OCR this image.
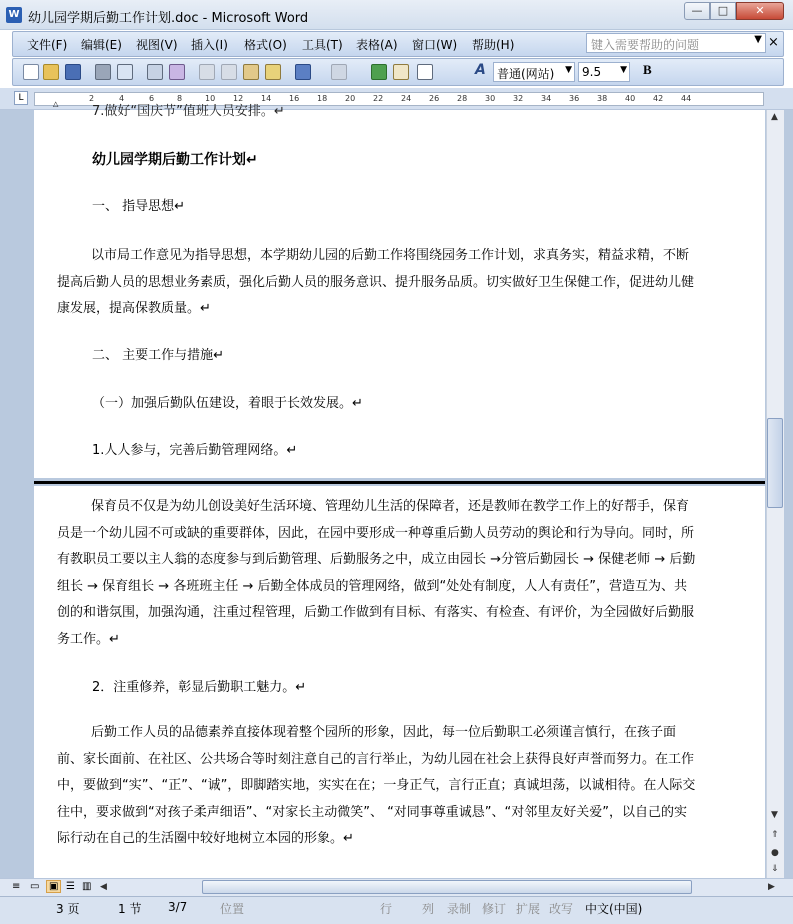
W 幼儿园学期后勤工作计划.doc - Microsoft Word
—	□	✕
文件(F) 编辑(E) 视图(V) 插入(I) 格式(O) 工具(T) 表格(A) 窗口(W) 帮助(H)	键入需要帮助的问题	▼ ×
A	B
普通(网站) ▼ 9.5 ▼
L	2	4	6	8	10 12 14 16 18 20 22 24 26 28 30 32 34 36 38 40 42 44
△	7.做好“国庆节”值班人员安排。↵
幼儿园学期后勤工作计划↵
一、 指导思想↵
以市局工作意见为指导思想，本学期幼儿园的后勤工作将围绕园务工作计划，求真务实，精益求精，不断提高后勤人员的思想业务素质，强化后勤人员的服务意识、提升服务品质。切实做好卫生保健工作，促进幼儿健康发展，提高保教质量。↵
二、 主要工作与措施↵
（一）加强后勤队伍建设，着眼于长效发展。↵
1.人人参与，完善后勤管理网络。↵
保育员不仅是为幼儿创设美好生活环境、管理幼儿生活的保障者，还是教师在教学工作上的好帮手，保育员是一个幼儿园不可或缺的重要群体，因此，在园中要形成一种尊重后勤人员劳动的舆论和行为导向。同时，所有教职员工要以主人翁的态度参与到后勤管理、后勤服务之中，成立由园长 →分管后勤园长 → 保健老师 → 后勤组长 → 保育组长 → 各班班主任 → 后勤全体成员的管理网络，做到“处处有制度，人人有责任”，营造互为、共创的和谐氛围，加强沟通，注重过程管理，后勤工作做到有目标、有落实、有检查、有评价，为全园做好后勤服务工作。↵
2．注重修养，彰显后勤职工魅力。↵
后勤工作人员的品德素养直接体现着整个园所的形象，因此，每一位后勤职工必须谨言慎行，在孩子面前、家长面前、在社区、公共场合等时刻注意自己的言行举止，为幼儿园在社会上获得良好声誉而努力。在工作中，要做到“实”、“正”、“诚”，即脚踏实地，实实在在；一身正气，言行正直；真诚坦荡，以诚相待。在人际交往中，要求做到“对孩子柔声细语”、“对家长主动微笑”、 “对同事尊重诚恳”、“对邻里友好关爱”，以自己的实际行动在自己的生活圈中较好地树立本园的形象。↵
▲
▼
⇑
●
⇓
≡ ▭ ▣ ☰ ▥ ◀	▶
3 页	1 节 3/7	位置	行 列 录制 修订 扩展 改写 中文(中国)
